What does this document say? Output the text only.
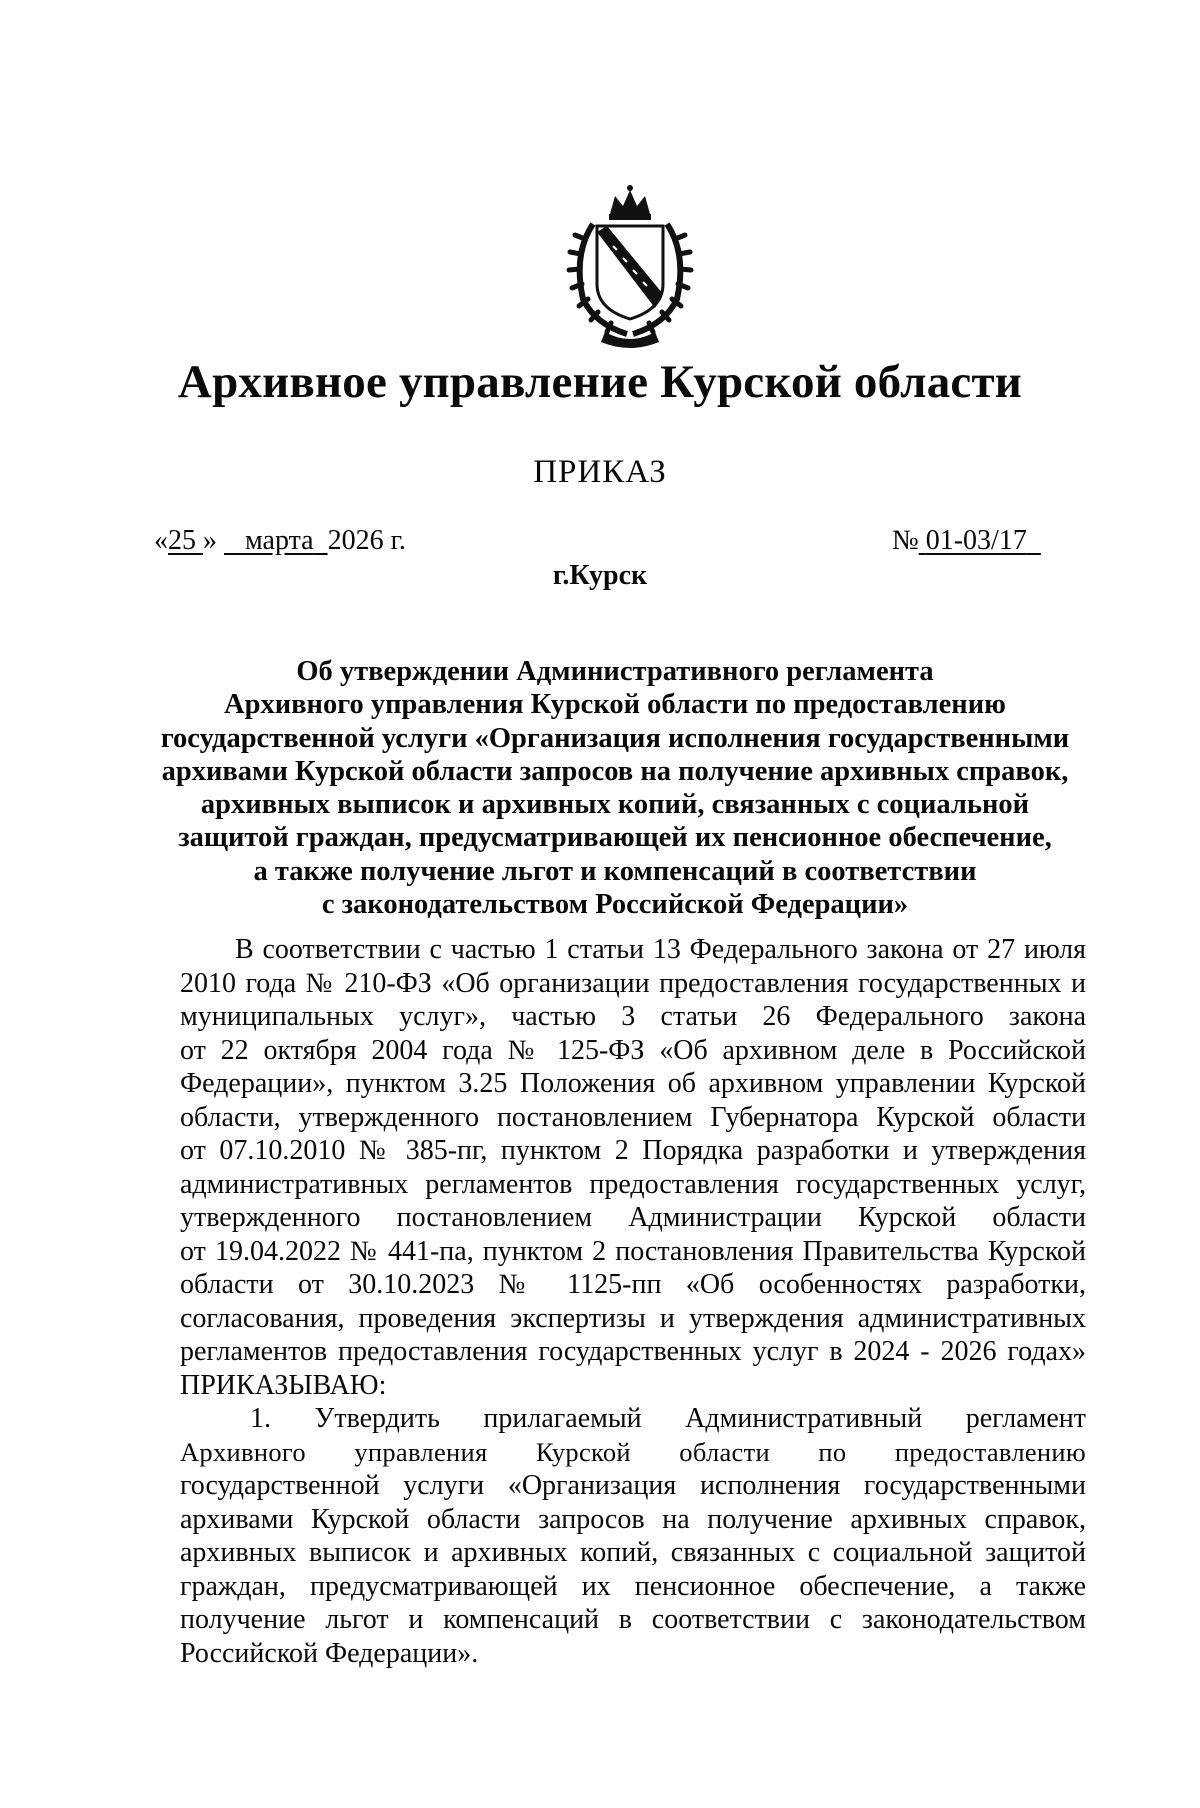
Архивное управление Курской области
ПРИКАЗ
«25 » марта 2026 г.	№ 01-03/17
г.Курск
Об утверждении Административного регламента
Архивного управления Курской области по предоставлению
государственной услуги «Организация исполнения государственными
архивами Курской области запросов на получение архивных справок,
архивных выписок и архивных копий, связанных с социальной
защитой граждан, предусматривающей их пенсионное обеспечение,
а также получение льгот и компенсаций в соответствии
с законодательством Российской Федерации»
В соответствии с частью 1 статьи 13 Федерального закона от 27 июля
2010 года № 210-ФЗ «Об организации предоставления государственных и
муниципальных услуг», частью 3 статьи 26 Федерального закона
от 22 октября 2004 года № 125-ФЗ «Об архивном деле в Российской
Федерации», пунктом 3.25 Положения об архивном управлении Курской
области, утвержденного постановлением Губернатора Курской области
от 07.10.2010 № 385-пг, пунктом 2 Порядка разработки и утверждения
административных регламентов предоставления государственных услуг,
утвержденного постановлением Администрации Курской области
от 19.04.2022 № 441-па, пунктом 2 постановления Правительства Курской
области от 30.10.2023 № 1125-пп «Об особенностях разработки,
согласования, проведения экспертизы и утверждения административных
регламентов предоставления государственных услуг в 2024 - 2026 годах»
ПРИКАЗЫВАЮ:
1. Утвердить прилагаемый Административный регламент
Архивного управления Курской области по предоставлению
государственной услуги «Организация исполнения государственными
архивами Курской области запросов на получение архивных справок,
архивных выписок и архивных копий, связанных с социальной защитой
граждан, предусматривающей их пенсионное обеспечение, а также
получение льгот и компенсаций в соответствии с законодательством
Российской Федерации».
